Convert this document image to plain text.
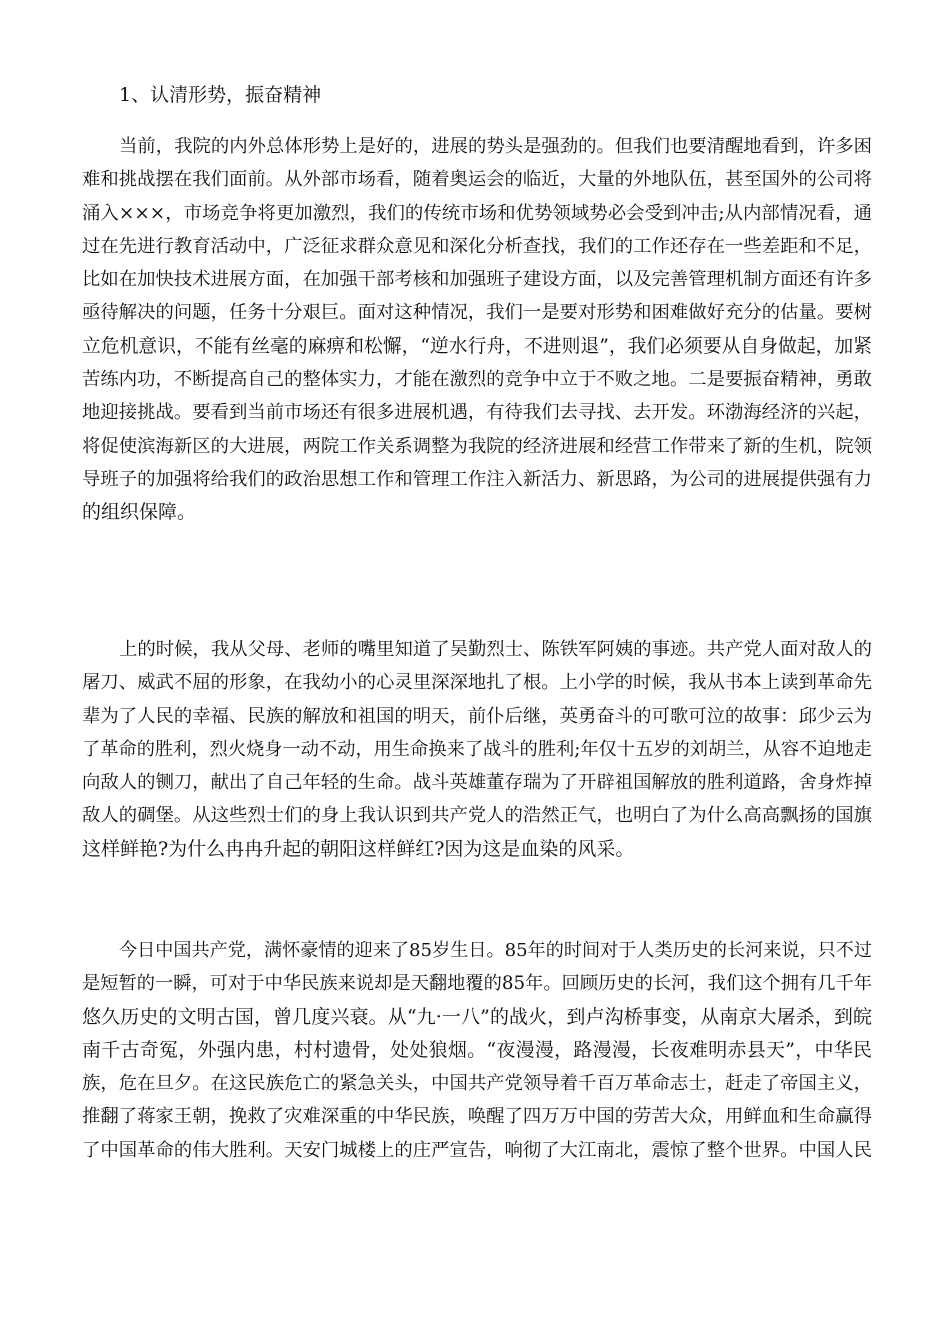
1、认清形势，振奋精神
当前，我院的内外总体形势上是好的，进展的势头是强劲的。但我们也要清醒地看到，许多困
难和挑战摆在我们面前。从外部市场看，随着奥运会的临近，大量的外地队伍，甚至国外的公司将
涌入×××，市场竞争将更加激烈，我们的传统市场和优势领域势必会受到冲击;从内部情况看，通
过在先进行教育活动中，广泛征求群众意见和深化分析查找，我们的工作还存在一些差距和不足，
比如在加快技术进展方面，在加强干部考核和加强班子建设方面，以及完善管理机制方面还有许多
亟待解决的问题，任务十分艰巨。面对这种情况，我们一是要对形势和困难做好充分的估量。要树
立危机意识，不能有丝毫的麻痹和松懈，“逆水行舟，不进则退”，我们必须要从自身做起，加紧
苦练内功，不断提高自己的整体实力，才能在激烈的竞争中立于不败之地。二是要振奋精神，勇敢
地迎接挑战。要看到当前市场还有很多进展机遇，有待我们去寻找、去开发。环渤海经济的兴起，
将促使滨海新区的大进展，两院工作关系调整为我院的经济进展和经营工作带来了新的生机，院领
导班子的加强将给我们的政治思想工作和管理工作注入新活力、新思路，为公司的进展提供强有力
的组织保障。
上的时候，我从父母、老师的嘴里知道了吴勤烈士、陈铁军阿姨的事迹。共产党人面对敌人的
屠刀、威武不屈的形象，在我幼小的心灵里深深地扎了根。上小学的时候，我从书本上读到革命先
辈为了人民的幸福、民族的解放和祖国的明天，前仆后继，英勇奋斗的可歌可泣的故事：邱少云为
了革命的胜利，烈火烧身一动不动，用生命换来了战斗的胜利;年仅十五岁的刘胡兰，从容不迫地走
向敌人的铡刀，献出了自己年轻的生命。战斗英雄董存瑞为了开辟祖国解放的胜利道路，舍身炸掉
敌人的碉堡。从这些烈士们的身上我认识到共产党人的浩然正气，也明白了为什么高高飘扬的国旗
这样鲜艳?为什么冉冉升起的朝阳这样鲜红?因为这是血染的风采。
今日中国共产党，满怀豪情的迎来了85岁生日。85年的时间对于人类历史的长河来说，只不过
是短暂的一瞬，可对于中华民族来说却是天翻地覆的85年。回顾历史的长河，我们这个拥有几千年
悠久历史的文明古国，曾几度兴衰。从“九·一八”的战火，到卢沟桥事变，从南京大屠杀，到皖
南千古奇冤，外强内患，村村遗骨，处处狼烟。“夜漫漫，路漫漫，长夜难明赤县天”，中华民
族，危在旦夕。在这民族危亡的紧急关头，中国共产党领导着千百万革命志士，赶走了帝国主义，
推翻了蒋家王朝，挽救了灾难深重的中华民族，唤醒了四万万中国的劳苦大众，用鲜血和生命赢得
了中国革命的伟大胜利。天安门城楼上的庄严宣告，响彻了大江南北，震惊了整个世界。中国人民
